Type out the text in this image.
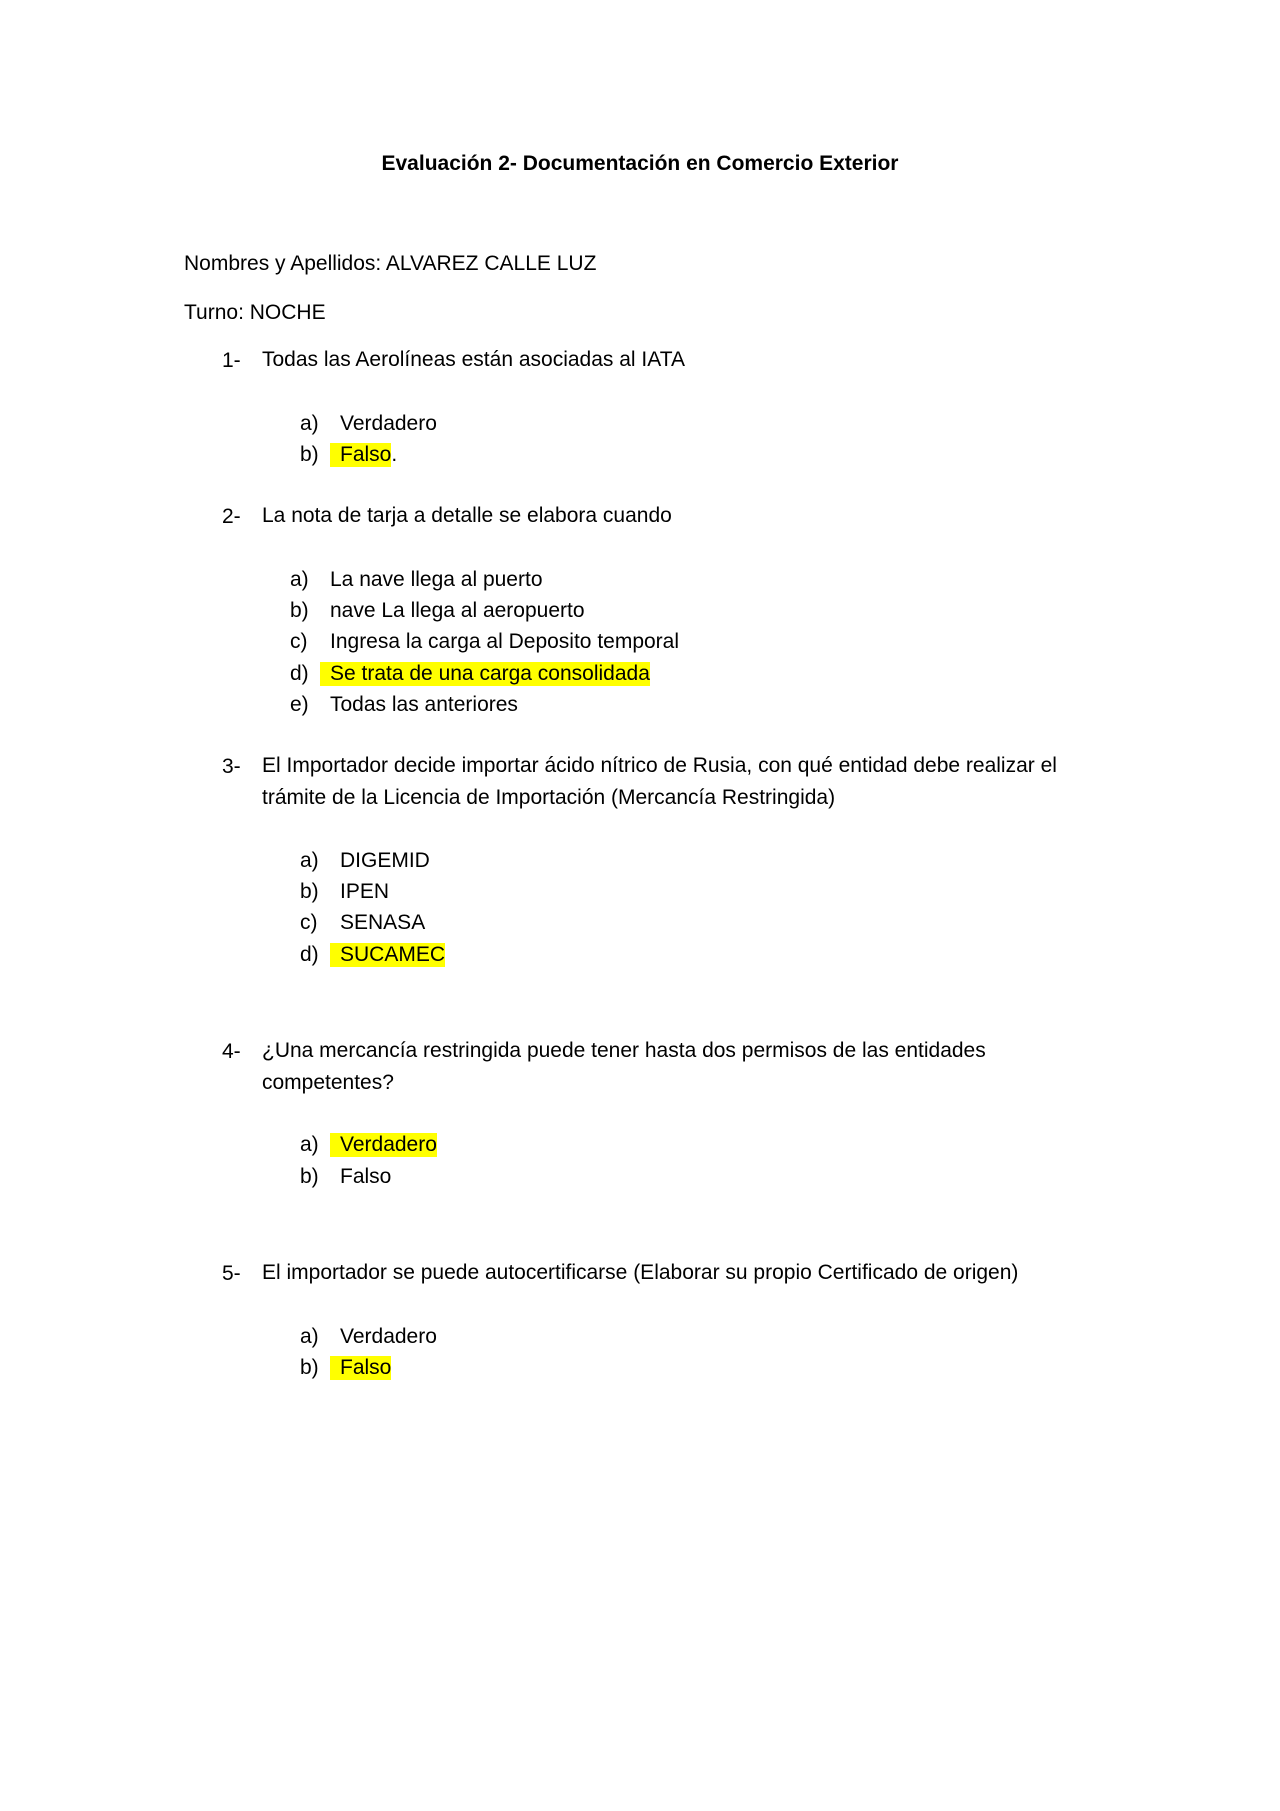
Evaluación 2- Documentación en Comercio Exterior
Nombres y Apellidos: ALVAREZ CALLE LUZ
Turno: NOCHE
1- Todas las Aerolíneas están asociadas al IATA
a)	Verdadero
b)	Falso .
2- La nota de tarja a detalle se elabora cuando
a)	La nave llega al puerto
b)	nave La llega al aeropuerto
c)	Ingresa la carga al Deposito temporal
d)	Se trata de una carga consolidada
e)	Todas las anteriores
3- El Importador decide importar ácido nítrico de Rusia, con qué entidad debe realizar el trámite de la Licencia de Importación (Mercancía Restringida)
a)	DIGEMID
b)	IPEN
c)	SENASA
d)	SUCAMEC
4- ¿Una mercancía restringida puede tener hasta dos permisos de las entidades competentes?
a)	Verdadero
b)	Falso
5- El importador se puede autocertificarse (Elaborar su propio Certificado de origen)
a)	Verdadero
b)	Falso
